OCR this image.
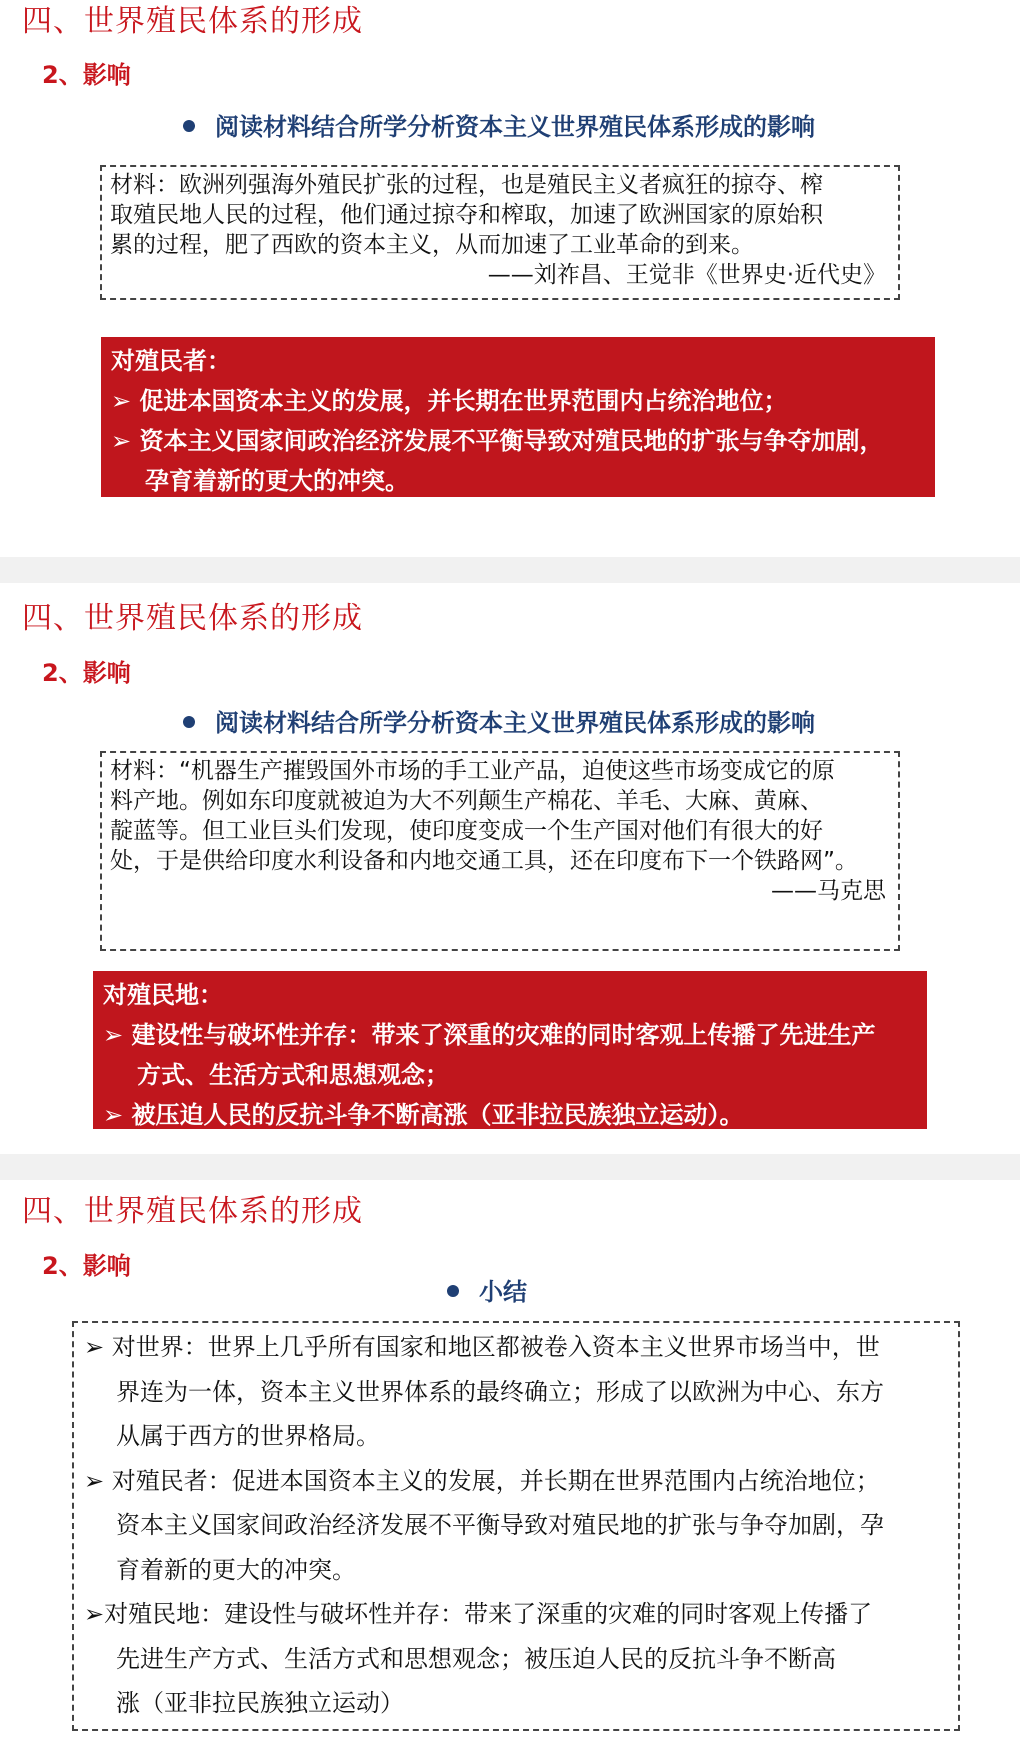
四、世界殖民体系的形成
2、影响
阅读材料结合所学分析资本主义世界殖民体系形成的影响
材料：欧洲列强海外殖民扩张的过程，也是殖民主义者疯狂的掠夺、榨
取殖民地人民的过程，他们通过掠夺和榨取，加速了欧洲国家的原始积
累的过程，肥了西欧的资本主义，从而加速了工业革命的到来。
——刘祚昌、王觉非《世界史·近代史》
对殖民者：
➢ 促进本国资本主义的发展，并长期在世界范围内占统治地位；
➢ 资本主义国家间政治经济发展不平衡导致对殖民地的扩张与争夺加剧，
孕育着新的更大的冲突。
四、世界殖民体系的形成
2、影响
阅读材料结合所学分析资本主义世界殖民体系形成的影响
材料：“机器生产摧毁国外市场的手工业产品，迫使这些市场变成它的原
料产地。例如东印度就被迫为大不列颠生产棉花、羊毛、大麻、黄麻、
靛蓝等。但工业巨头们发现，使印度变成一个生产国对他们有很大的好
处，于是供给印度水利设备和内地交通工具，还在印度布下一个铁路网”。
——马克思
对殖民地：
➢ 建设性与破坏性并存：带来了深重的灾难的同时客观上传播了先进生产
方式、生活方式和思想观念；
➢ 被压迫人民的反抗斗争不断高涨（亚非拉民族独立运动）。
四、世界殖民体系的形成
2、影响
小结
➢ 对世界：世界上几乎所有国家和地区都被卷入资本主义世界市场当中，世
界连为一体，资本主义世界体系的最终确立；形成了以欧洲为中心、东方
从属于西方的世界格局。
➢ 对殖民者：促进本国资本主义的发展，并长期在世界范围内占统治地位；
资本主义国家间政治经济发展不平衡导致对殖民地的扩张与争夺加剧，孕
育着新的更大的冲突。
➢对殖民地：建设性与破坏性并存：带来了深重的灾难的同时客观上传播了
先进生产方式、生活方式和思想观念；被压迫人民的反抗斗争不断高
涨（亚非拉民族独立运动）
